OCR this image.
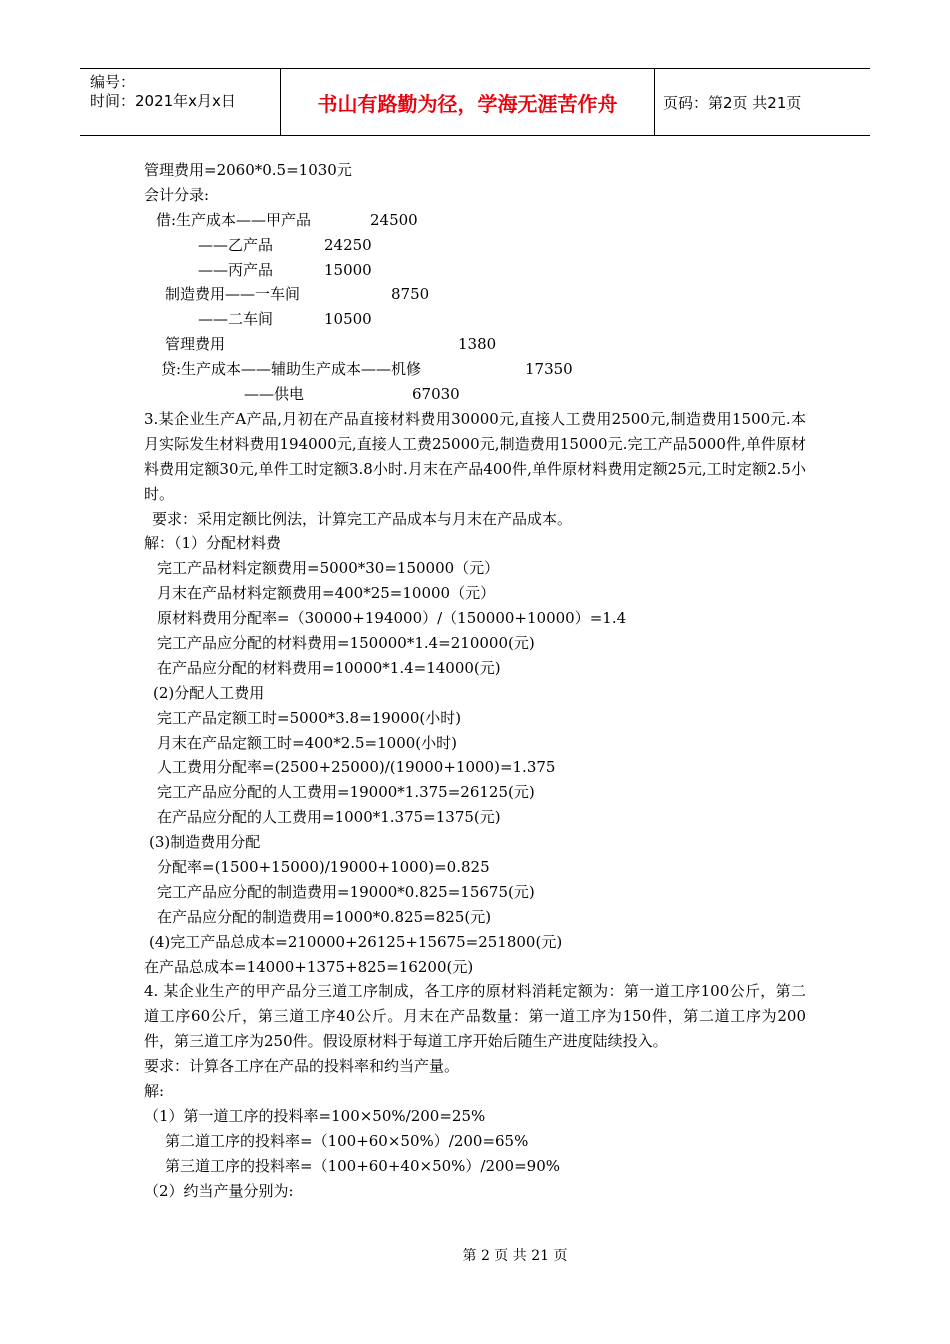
编号：
时间：2021年x月x日	书山有路勤为径，学海无涯苦作舟	页码：第2页 共21页
管理费用=2060*0.5=1030元
会计分录:
借:生产成本——甲产品	24500
——乙产品	24250
——丙产品	15000
制造费用——一车间	8750
——二车间	10500
管理费用	1380
贷:生产成本——辅助生产成本——机修	17350
——供电	67030
3.某企业生产A产品,月初在产品直接材料费用30000元,直接人工费用2500元,制造费用1500元.本月实际发生材料费用194000元,直接人工费25000元,制造费用15000元.完工产品5000件,单件原材料费用定额30元,单件工时定额3.8小时.月末在产品400件,单件原材料费用定额25元,工时定额2.5小时。
要求：采用定额比例法，计算完工产品成本与月末在产品成本。
解：（1）分配材料费
完工产品材料定额费用=5000*30=150000（元）
月末在产品材料定额费用=400*25=10000（元）
原材料费用分配率=（30000+194000）/（150000+10000）=1.4
完工产品应分配的材料费用=150000*1.4=210000(元)
在产品应分配的材料费用=10000*1.4=14000(元)
(2)分配人工费用
完工产品定额工时=5000*3.8=19000(小时)
月末在产品定额工时=400*2.5=1000(小时)
人工费用分配率=(2500+25000)/(19000+1000)=1.375
完工产品应分配的人工费用=19000*1.375=26125(元)
在产品应分配的人工费用=1000*1.375=1375(元)
(3)制造费用分配
分配率=(1500+15000)/19000+1000)=0.825
完工产品应分配的制造费用=19000*0.825=15675(元)
在产品应分配的制造费用=1000*0.825=825(元)
(4)完工产品总成本=210000+26125+15675=251800(元)
在产品总成本=14000+1375+825=16200(元)
4. 某企业生产的甲产品分三道工序制成，各工序的原材料消耗定额为：第一道工序100公斤，第二道工序60公斤，第三道工序40公斤。月末在产品数量：第一道工序为150件，第二道工序为200件，第三道工序为250件。假设原材料于每道工序开始后随生产进度陆续投入。
要求：计算各工序在产品的投料率和约当产量。
解:
（1）第一道工序的投料率=100×50%/200=25%
第二道工序的投料率=（100+60×50%）/200=65%
第三道工序的投料率=（100+60+40×50%）/200=90%
（2）约当产量分别为:
第 2 页 共 21 页
